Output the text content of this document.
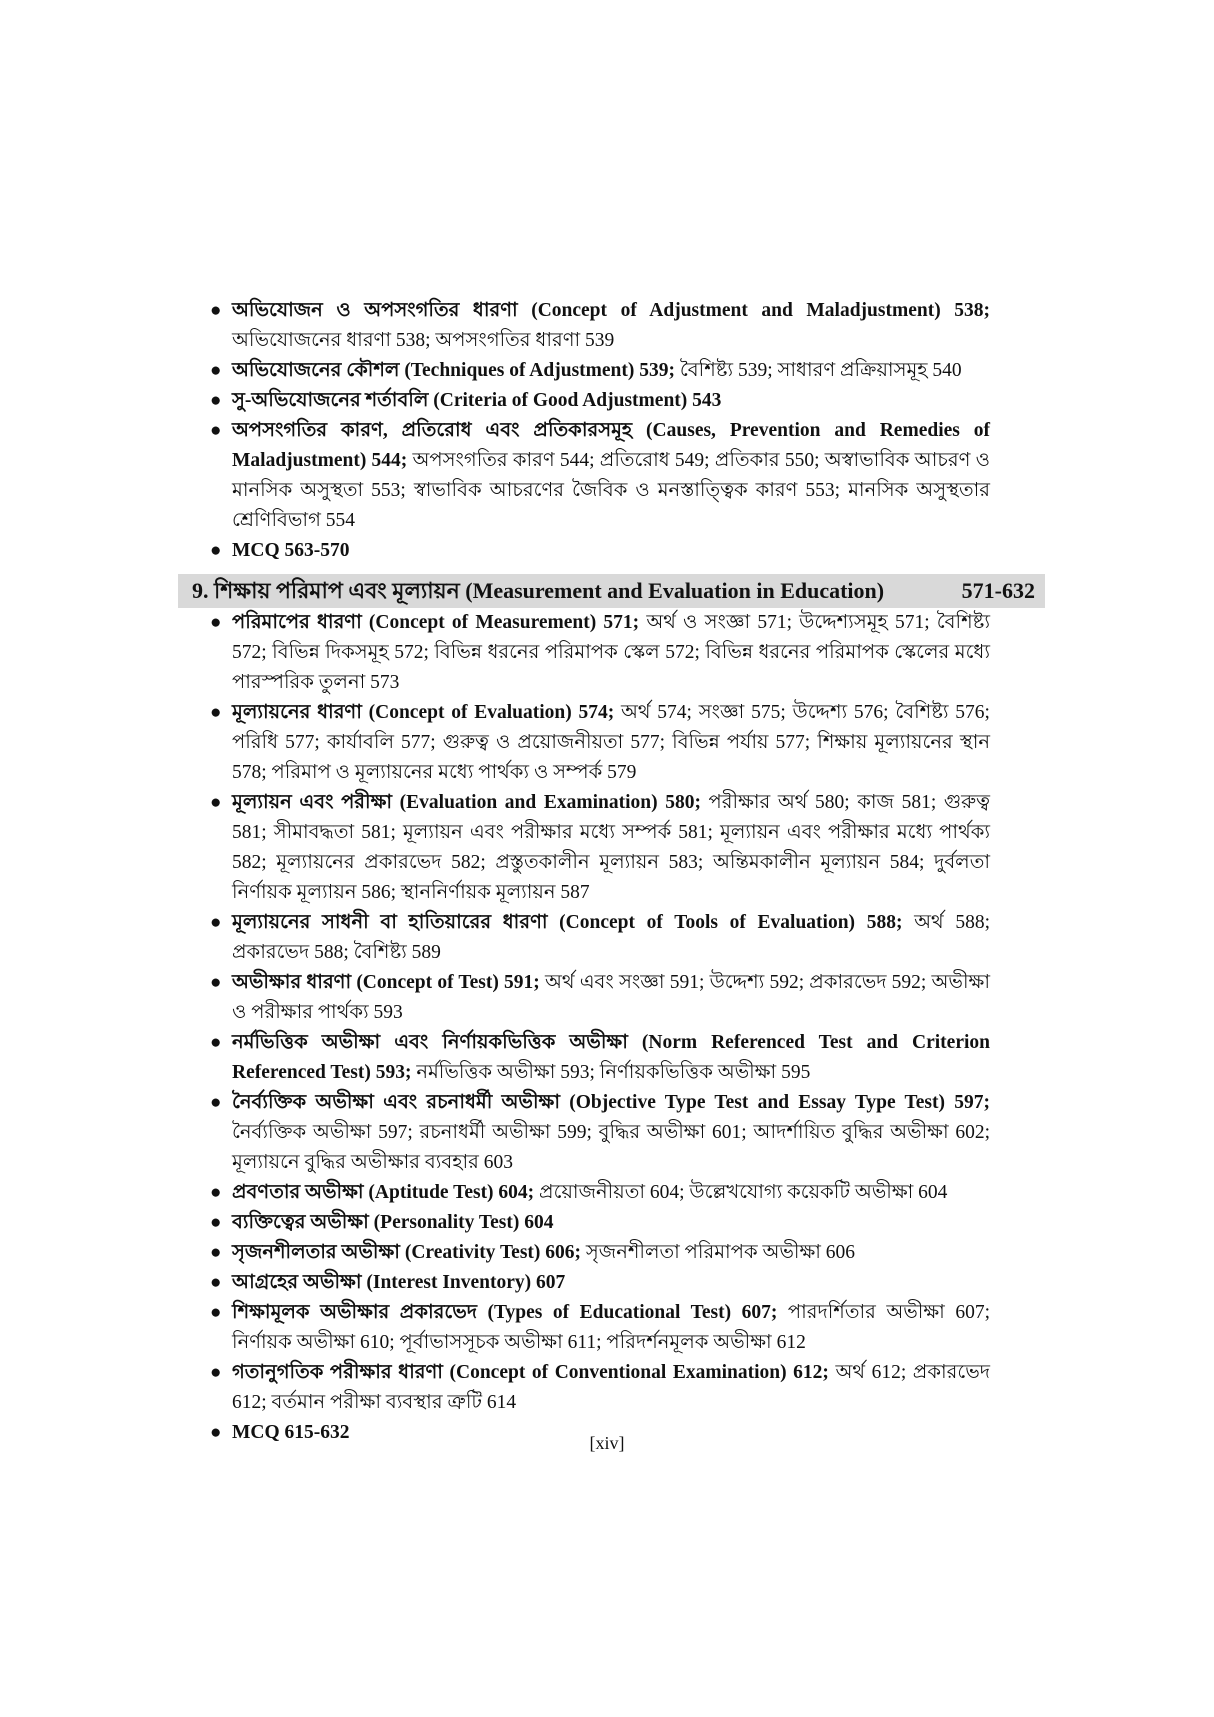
● অভিযোজন ও অপসংগতির ধারণা (Concept of Adjustment and Maladjustment) 538; অভিযোজনের ধারণা 538; অপসংগতির ধারণা 539
● অভিযোজনের কৌশল (Techniques of Adjustment) 539; বৈশিষ্ট্য 539; সাধারণ প্রক্রিয়াসমূহ 540
● সু-অভিযোজনের শর্তাবলি (Criteria of Good Adjustment) 543
● অপসংগতির কারণ, প্রতিরোধ এবং প্রতিকারসমূহ (Causes, Prevention and Remedies of Maladjustment) 544; অপসংগতির কারণ 544; প্রতিরোধ 549; প্রতিকার 550; অস্বাভাবিক আচরণ ও মানসিক অসুস্থতা 553; স্বাভাবিক আচরণের জৈবিক ও মনস্তাত্ত্বিক কারণ 553; মানসিক অসুস্থতার শ্রেণিবিভাগ 554
● MCQ 563-570
9. শিক্ষায় পরিমাপ এবং মূল্যায়ন (Measurement and Evaluation in Education)	571-632
● পরিমাপের ধারণা (Concept of Measurement) 571; অর্থ ও সংজ্ঞা 571; উদ্দেশ্যসমূহ 571; বৈশিষ্ট্য 572; বিভিন্ন দিকসমূহ 572; বিভিন্ন ধরনের পরিমাপক স্কেল 572; বিভিন্ন ধরনের পরিমাপক স্কেলের মধ্যে পারস্পরিক তুলনা 573
● মূল্যায়নের ধারণা (Concept of Evaluation) 574; অর্থ 574; সংজ্ঞা 575; উদ্দেশ্য 576; বৈশিষ্ট্য 576; পরিধি 577; কার্যাবলি 577; গুরুত্ব ও প্রয়োজনীয়তা 577; বিভিন্ন পর্যায় 577; শিক্ষায় মূল্যায়নের স্থান 578; পরিমাপ ও মূল্যায়নের মধ্যে পার্থক্য ও সম্পর্ক 579
● মূল্যায়ন এবং পরীক্ষা (Evaluation and Examination) 580; পরীক্ষার অর্থ 580; কাজ 581; গুরুত্ব 581; সীমাবদ্ধতা 581; মূল্যায়ন এবং পরীক্ষার মধ্যে সম্পর্ক 581; মূল্যায়ন এবং পরীক্ষার মধ্যে পার্থক্য 582; মূল্যায়নের প্রকারভেদ 582; প্রস্তুতকালীন মূল্যায়ন 583; অন্তিমকালীন মূল্যায়ন 584; দুর্বলতা নির্ণায়ক মূল্যায়ন 586; স্থাননির্ণায়ক মূল্যায়ন 587
● মূল্যায়নের সাধনী বা হাতিয়ারের ধারণা (Concept of Tools of Evaluation) 588; অর্থ 588; প্রকারভেদ 588; বৈশিষ্ট্য 589
● অভীক্ষার ধারণা (Concept of Test) 591; অর্থ এবং সংজ্ঞা 591; উদ্দেশ্য 592; প্রকারভেদ 592; অভীক্ষা ও পরীক্ষার পার্থক্য 593
● নর্মভিত্তিক অভীক্ষা এবং নির্ণায়কভিত্তিক অভীক্ষা (Norm Referenced Test and Criterion Referenced Test) 593; নর্মভিত্তিক অভীক্ষা 593; নির্ণায়কভিত্তিক অভীক্ষা 595
● নৈর্ব্যক্তিক অভীক্ষা এবং রচনাধর্মী অভীক্ষা (Objective Type Test and Essay Type Test) 597; নৈর্ব্যক্তিক অভীক্ষা 597; রচনাধর্মী অভীক্ষা 599; বুদ্ধির অভীক্ষা 601; আদর্শায়িত বুদ্ধির অভীক্ষা 602; মূল্যায়নে বুদ্ধির অভীক্ষার ব্যবহার 603
● প্রবণতার অভীক্ষা (Aptitude Test) 604; প্রয়োজনীয়তা 604; উল্লেখযোগ্য কয়েকটি অভীক্ষা 604
● ব্যক্তিত্বের অভীক্ষা (Personality Test) 604
● সৃজনশীলতার অভীক্ষা (Creativity Test) 606; সৃজনশীলতা পরিমাপক অভীক্ষা 606
● আগ্রহের অভীক্ষা (Interest Inventory) 607
● শিক্ষামূলক অভীক্ষার প্রকারভেদ (Types of Educational Test) 607; পারদর্শিতার অভীক্ষা 607; নির্ণায়ক অভীক্ষা 610; পূর্বাভাসসূচক অভীক্ষা 611; পরিদর্শনমূলক অভীক্ষা 612
● গতানুগতিক পরীক্ষার ধারণা (Concept of Conventional Examination) 612; অর্থ 612; প্রকারভেদ 612; বর্তমান পরীক্ষা ব্যবস্থার ত্রুটি 614
● MCQ 615-632	[xiv]
